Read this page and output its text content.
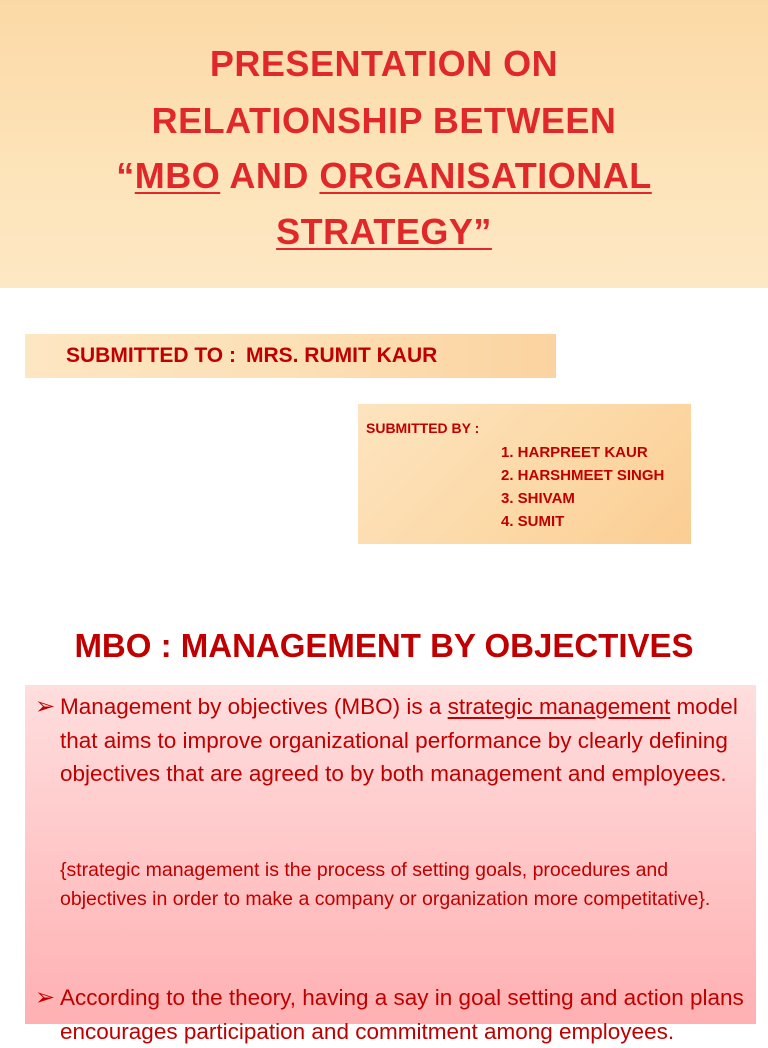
PRESENTATION ON
RELATIONSHIP BETWEEN
“MBO AND ORGANISATIONAL
STRATEGY”
SUBMITTED TO : MRS. RUMIT KAUR
SUBMITTED BY :
1. HARPREET KAUR
2. HARSHMEET SINGH
3. SHIVAM
4. SUMIT
MBO : MANAGEMENT BY OBJECTIVES
➢ Management by objectives (MBO) is a strategic management model that aims to improve organizational performance by clearly defining objectives that are agreed to by both management and employees.
{strategic management is the process of setting goals, procedures and objectives in order to make a company or organization more competitative}.
➢ According to the theory, having a say in goal setting and action plans encourages participation and commitment among employees.
